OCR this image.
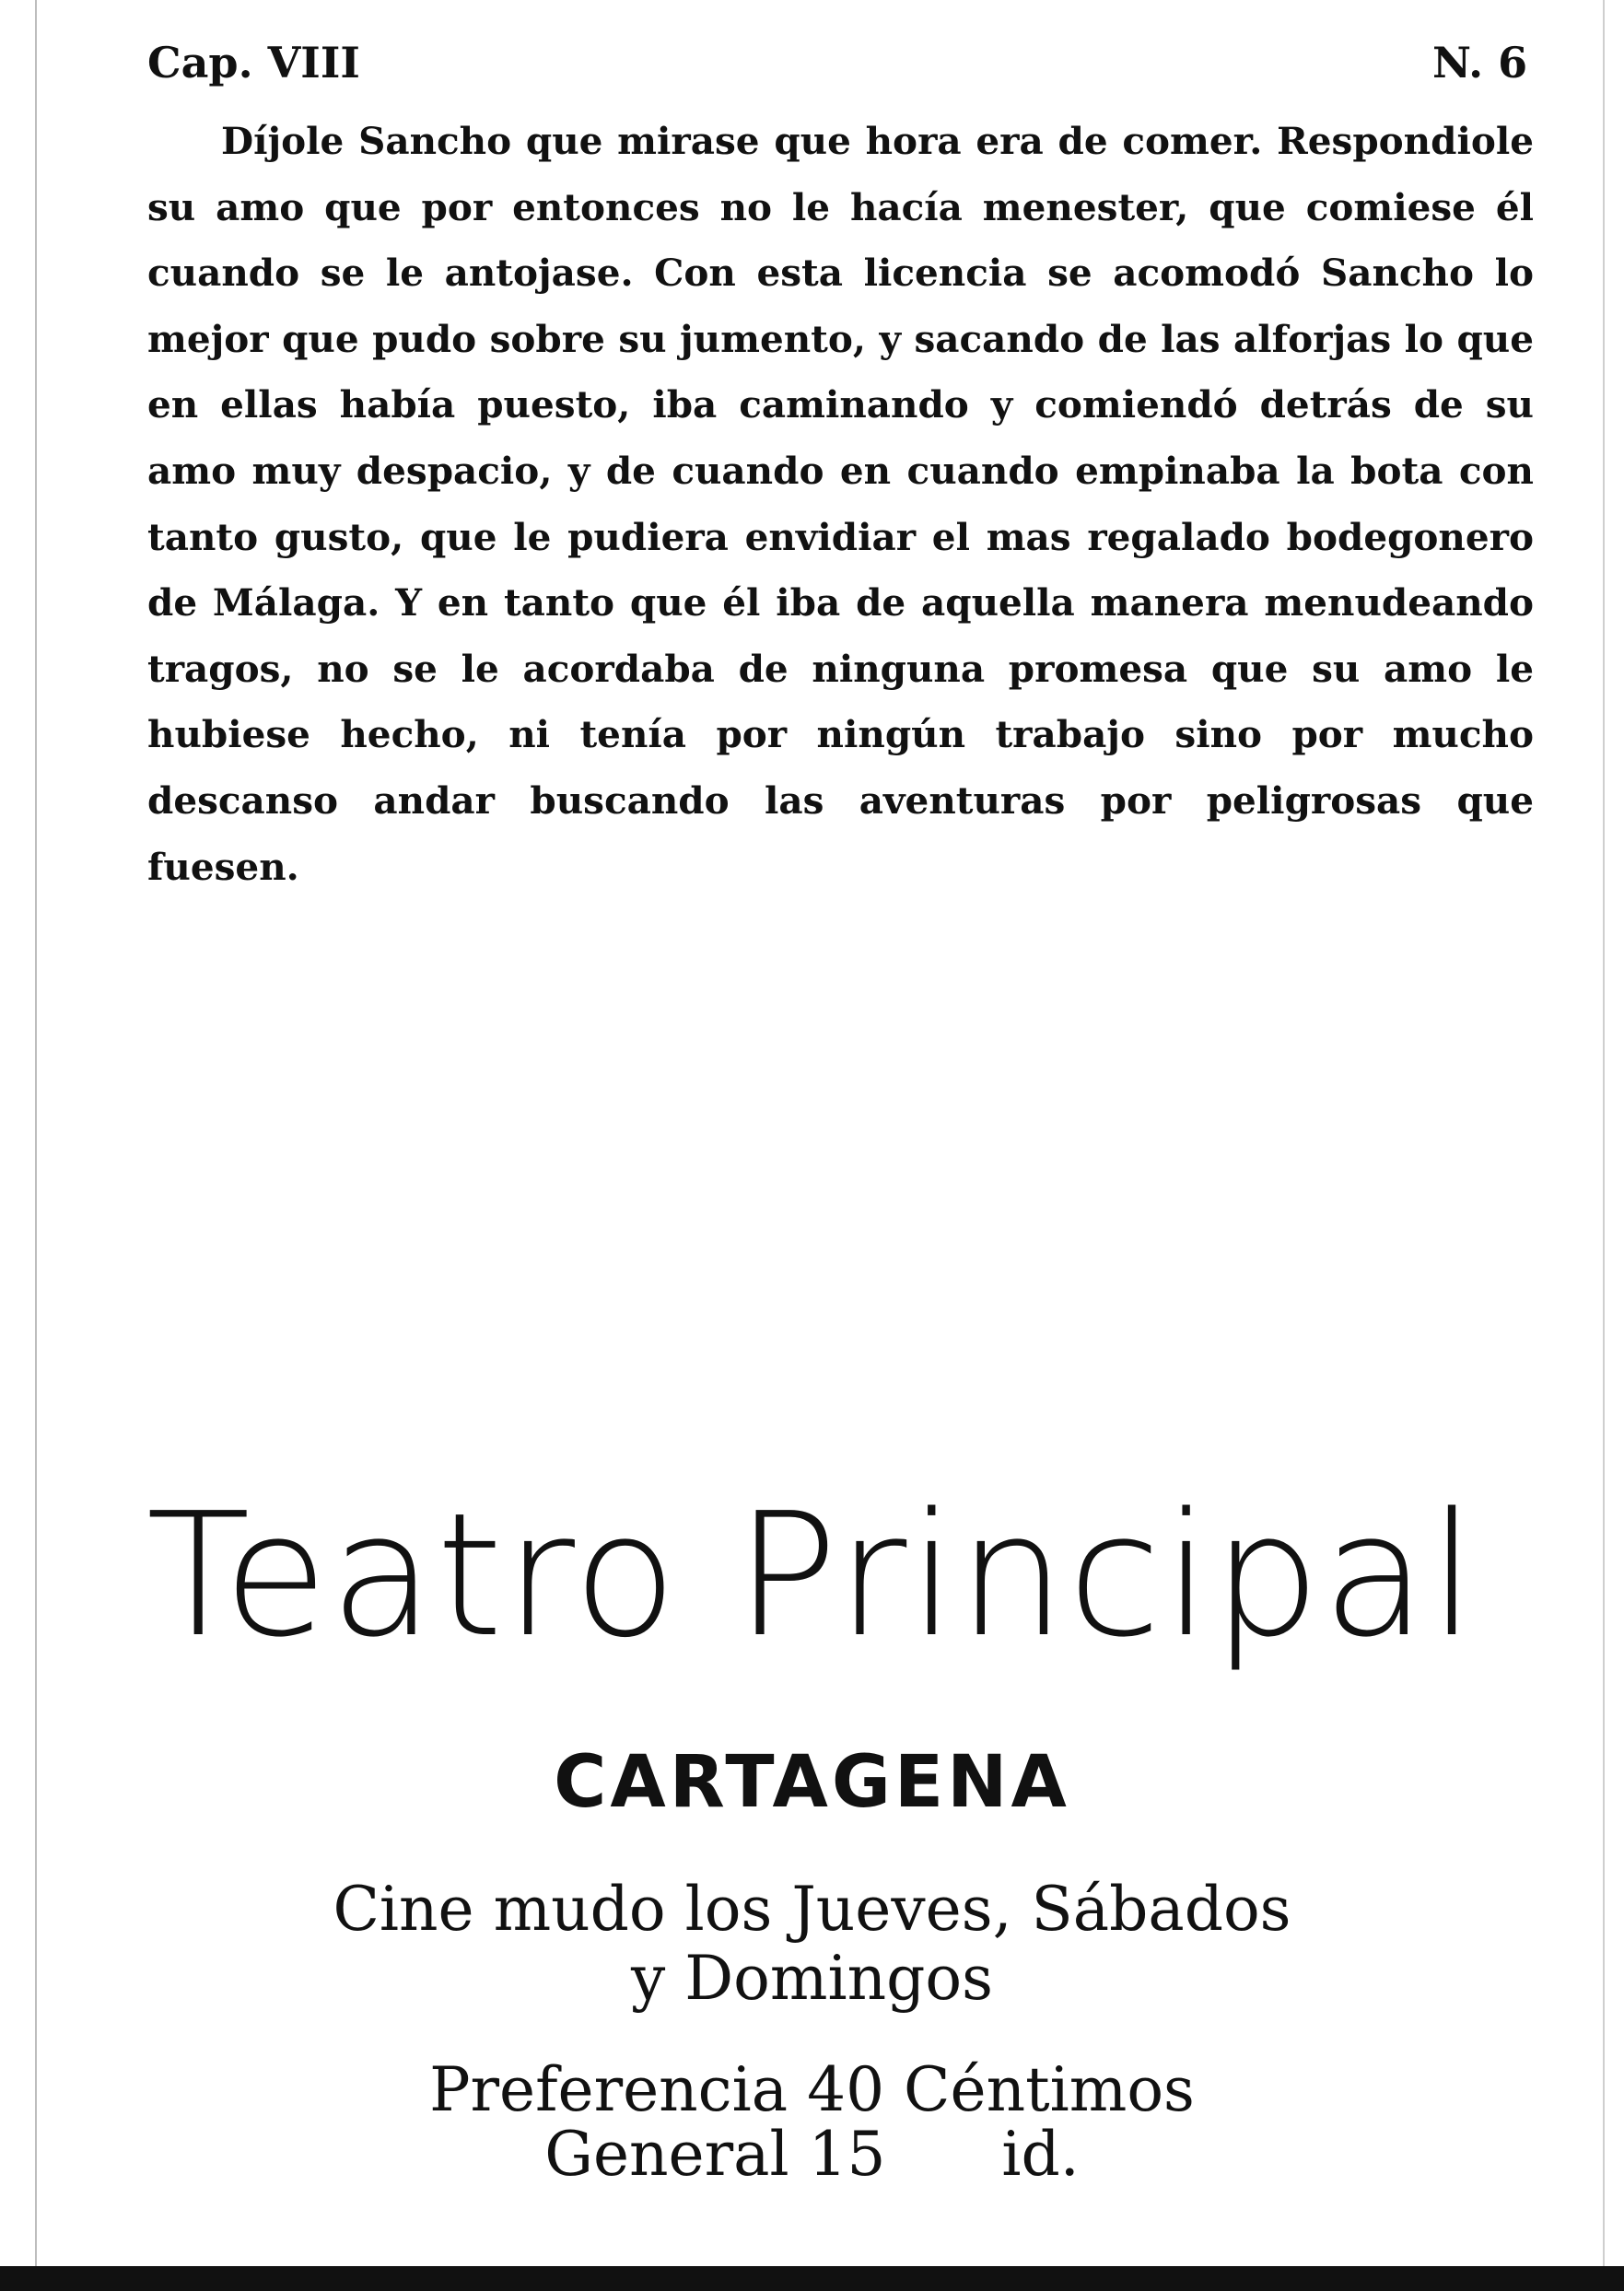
Cap. VIII	N. 6

Díjole Sancho que mirase que hora era de comer. Respondiole su amo que por entonces no le hacía menester, que comiese él cuando se le antojase. Con esta licencia se acomodó Sancho lo mejor que pudo sobre su jumento, y sacando de las alforjas lo que en ellas había puesto, iba caminando y comiendó detrás de su amo muy despacio, y de cuando en cuando empinaba la bota con tanto gusto, que le pudiera envidiar el mas regalado bodegonero de Málaga. Y en tanto que él iba de aquella manera menudeando tragos, no se le acordaba de ninguna promesa que su amo le hubiese hecho, ni tenía por ningún trabajo sino por mucho descanso andar buscando las aventuras por peligrosas que fuesen.

Teatro Principal

CARTAGENA

Cine mudo los Jueves, Sábados

y Domingos

Preferencia 40 Céntimos

General 15      id.
